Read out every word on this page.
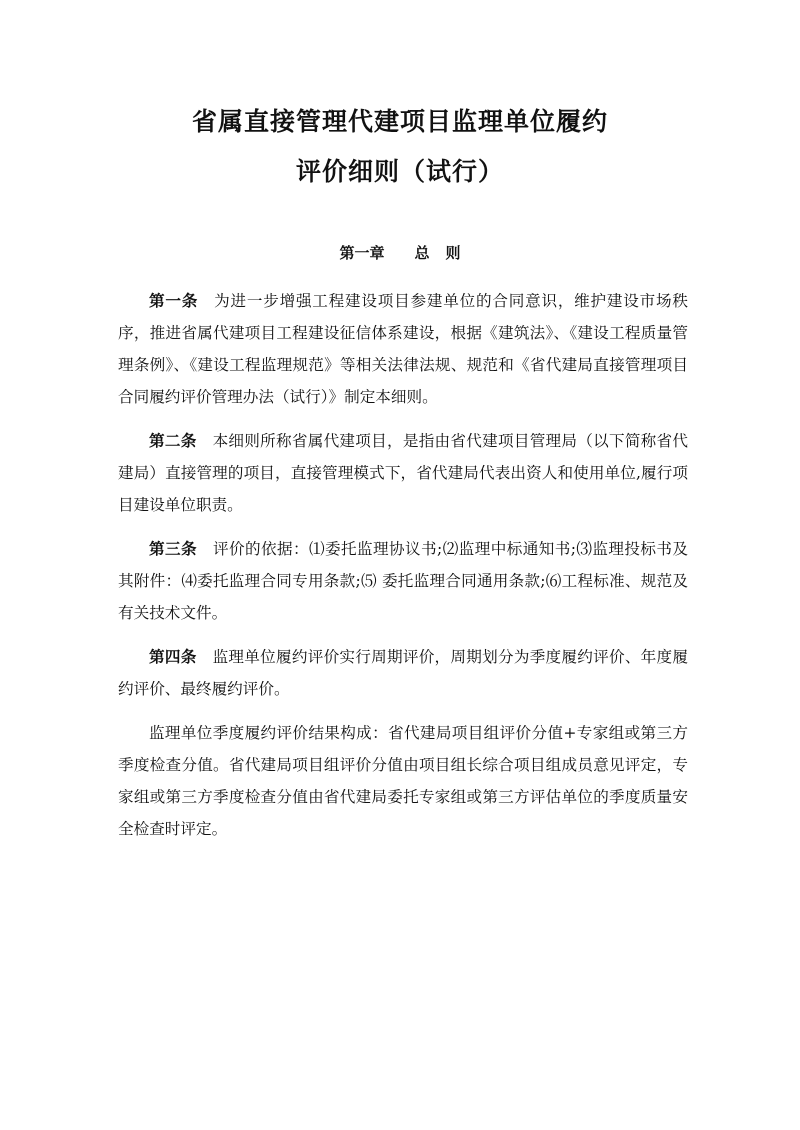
省属直接管理代建项目监理单位履约
评价细则（试行）
第一章 总 则

第一条 为进一步增强工程建设项目参建单位的合同意识，维护建设市场秩序，推进省属代建项目工程建设征信体系建设，根据《建筑法》、《建设工程质量管理条例》、《建设工程监理规范》等相关法律法规、规范和《省代建局直接管理项目合同履约评价管理办法（试行）》制定本细则。

第二条 本细则所称省属代建项目，是指由省代建项目管理局（以下简称省代建局）直接管理的项目，直接管理模式下，省代建局代表出资人和使用单位,履行项目建设单位职责。

第三条 评价的依据：⑴委托监理协议书;⑵监理中标通知书;⑶监理投标书及其附件：⑷委托监理合同专用条款;⑸ 委托监理合同通用条款;⑹工程标准、规范及有关技术文件。

第四条 监理单位履约评价实行周期评价，周期划分为季度履约评价、年度履约评价、最终履约评价。

监理单位季度履约评价结果构成：省代建局项目组评价分值+专家组或第三方季度检查分值。省代建局项目组评价分值由项目组长综合项目组成员意见评定，专家组或第三方季度检查分值由省代建局委托专家组或第三方评估单位的季度质量安全检查时评定。
